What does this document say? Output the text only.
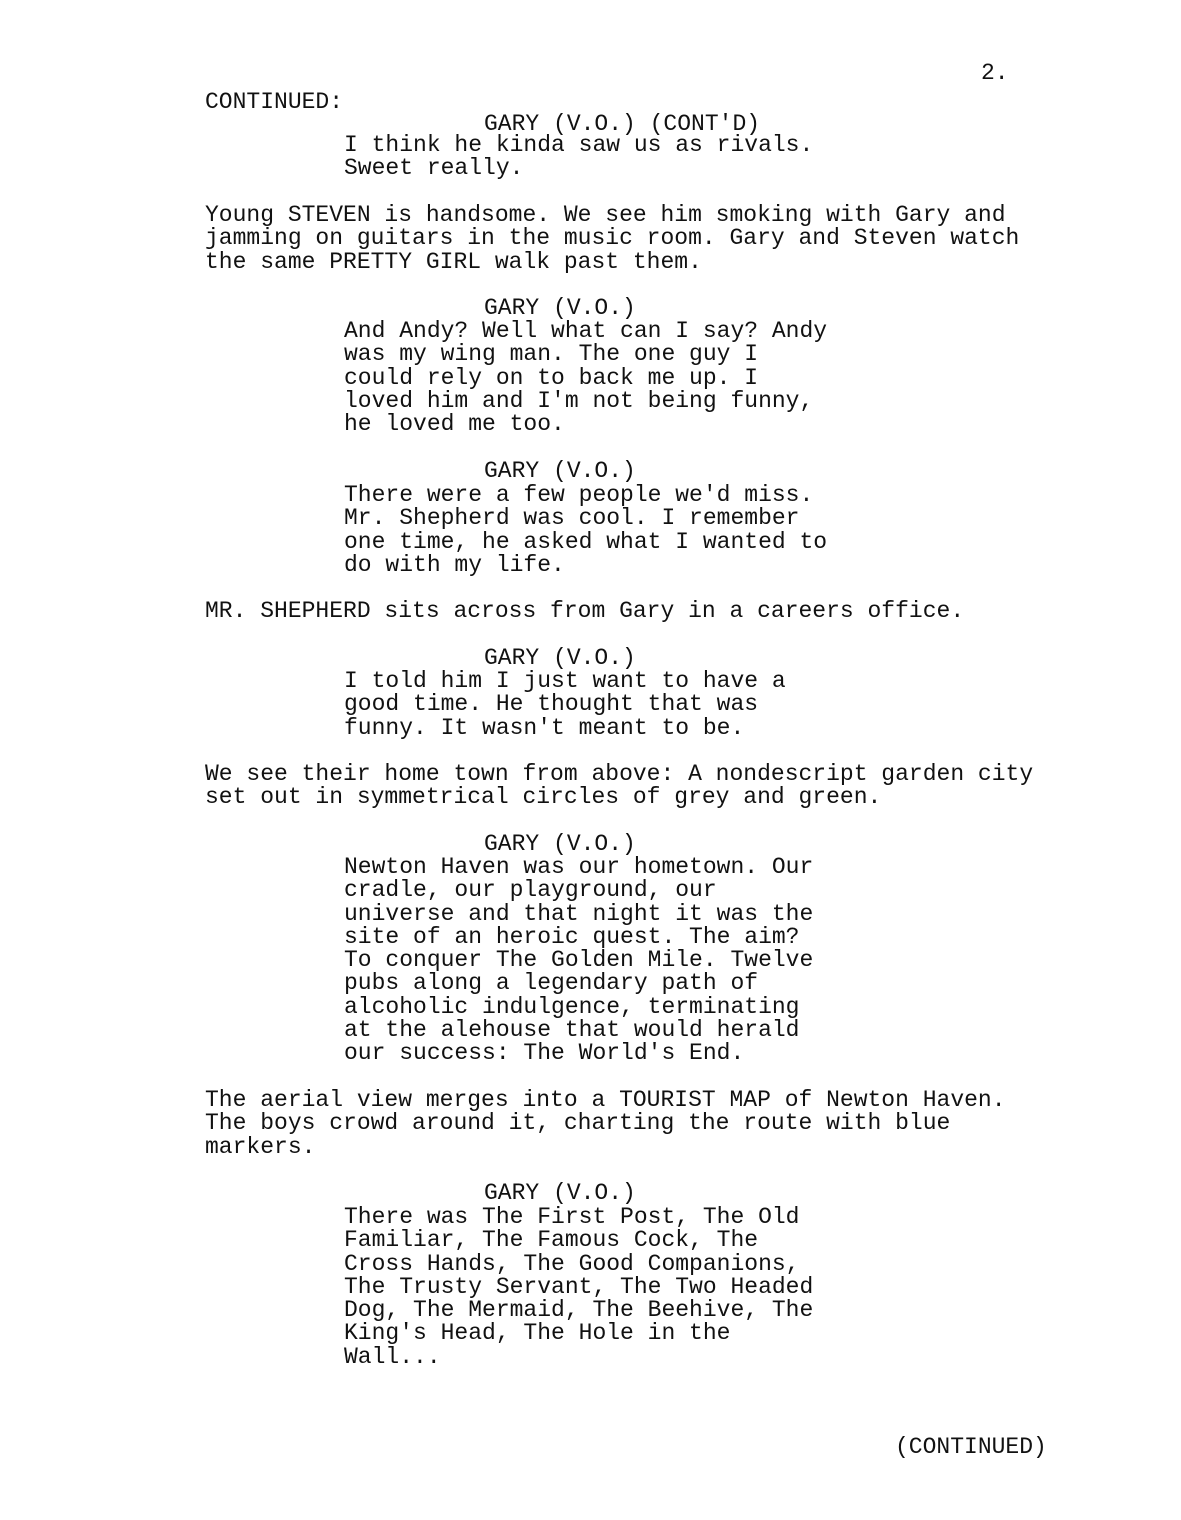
2.
CONTINUED:

GARY (V.O.) (CONT'D)

I think he kinda saw us as rivals.

Sweet really.

Young STEVEN is handsome. We see him smoking with Gary and

jamming on guitars in the music room. Gary and Steven watch

the same PRETTY GIRL walk past them.

GARY (V.O.)

And Andy? Well what can I say? Andy

was my wing man. The one guy I

could rely on to back me up. I

loved him and I'm not being funny,

he loved me too.

GARY (V.O.)

There were a few people we'd miss.

Mr. Shepherd was cool. I remember

one time, he asked what I wanted to

do with my life.

MR. SHEPHERD sits across from Gary in a careers office.

GARY (V.O.)

I told him I just want to have a

good time. He thought that was

funny. It wasn't meant to be.

We see their home town from above: A nondescript garden city

set out in symmetrical circles of grey and green.

GARY (V.O.)

Newton Haven was our hometown. Our

cradle, our playground, our

universe and that night it was the

site of an heroic quest. The aim?

To conquer The Golden Mile. Twelve

pubs along a legendary path of

alcoholic indulgence, terminating

at the alehouse that would herald

our success: The World's End.

The aerial view merges into a TOURIST MAP of Newton Haven.

The boys crowd around it, charting the route with blue

markers.

GARY (V.O.)

There was The First Post, The Old

Familiar, The Famous Cock, The

Cross Hands, The Good Companions,

The Trusty Servant, The Two Headed

Dog, The Mermaid, The Beehive, The

King's Head, The Hole in the

Wall...

(CONTINUED)
